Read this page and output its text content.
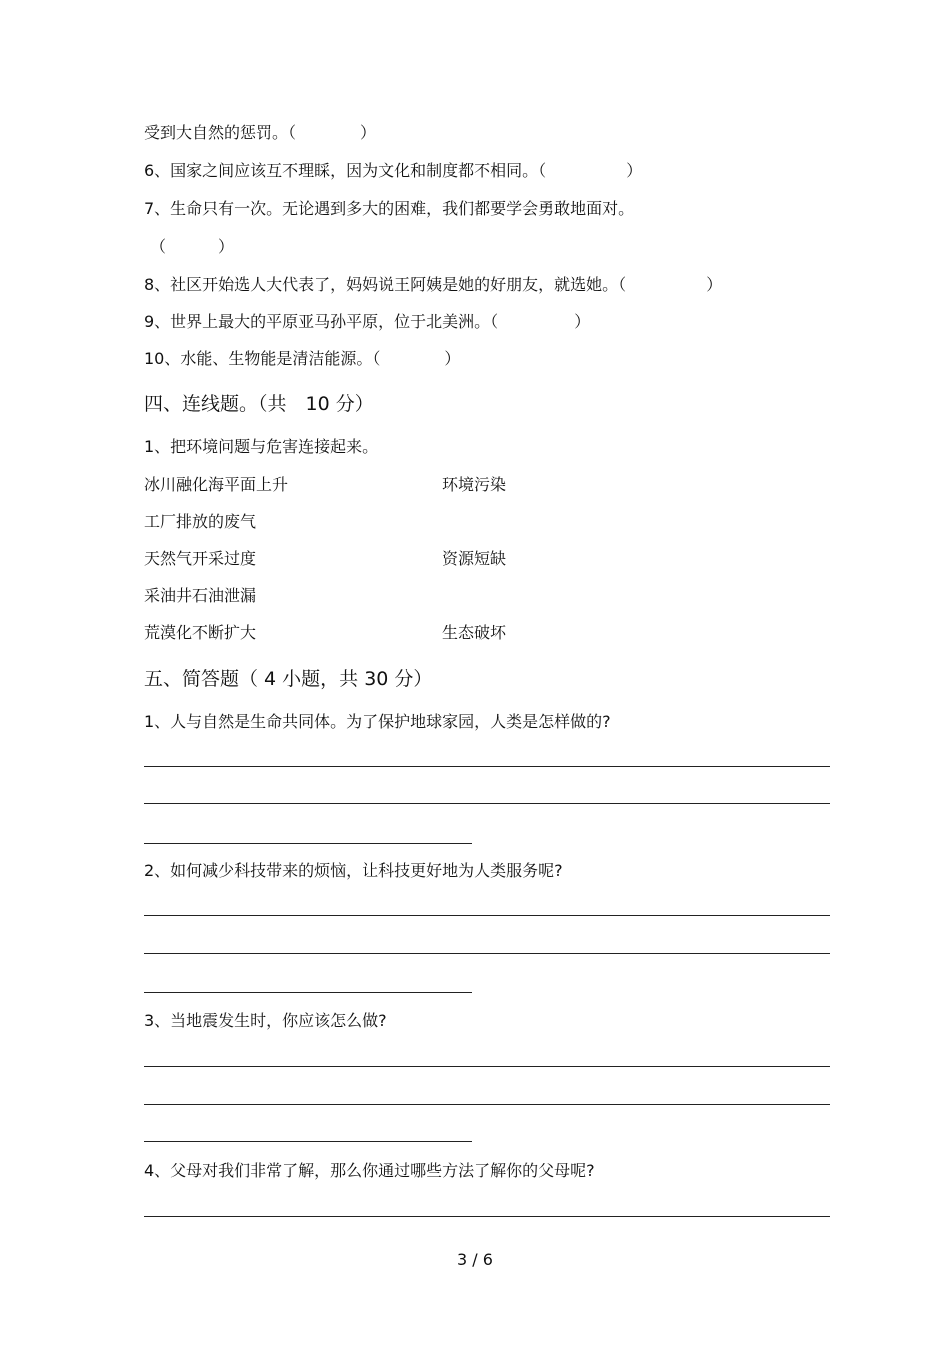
受到大自然的惩罚。（	）
6、国家之间应该互不理睬，因为文化和制度都不相同。（	）
7、生命只有一次。无论遇到多大的困难，我们都要学会勇敢地面对。
（	）
8、社区开始选人大代表了，妈妈说王阿姨是她的好朋友，就选她。（	）
9、世界上最大的平原亚马孙平原，位于北美洲。（	）
10、水能、生物能是清洁能源。（	）
四、连线题。（共　10 分）
1、把环境问题与危害连接起来。
冰川融化海平面上升	环境污染
工厂排放的废气
天然气开采过度	资源短缺
采油井石油泄漏
荒漠化不断扩大	生态破坏
五、简答题（ 4 小题，共 30 分）
1、人与自然是生命共同体。为了保护地球家园，人类是怎样做的?
2、如何减少科技带来的烦恼，让科技更好地为人类服务呢?
3、当地震发生时，你应该怎么做?
4、父母对我们非常了解，那么你通过哪些方法了解你的父母呢?
3 / 6
